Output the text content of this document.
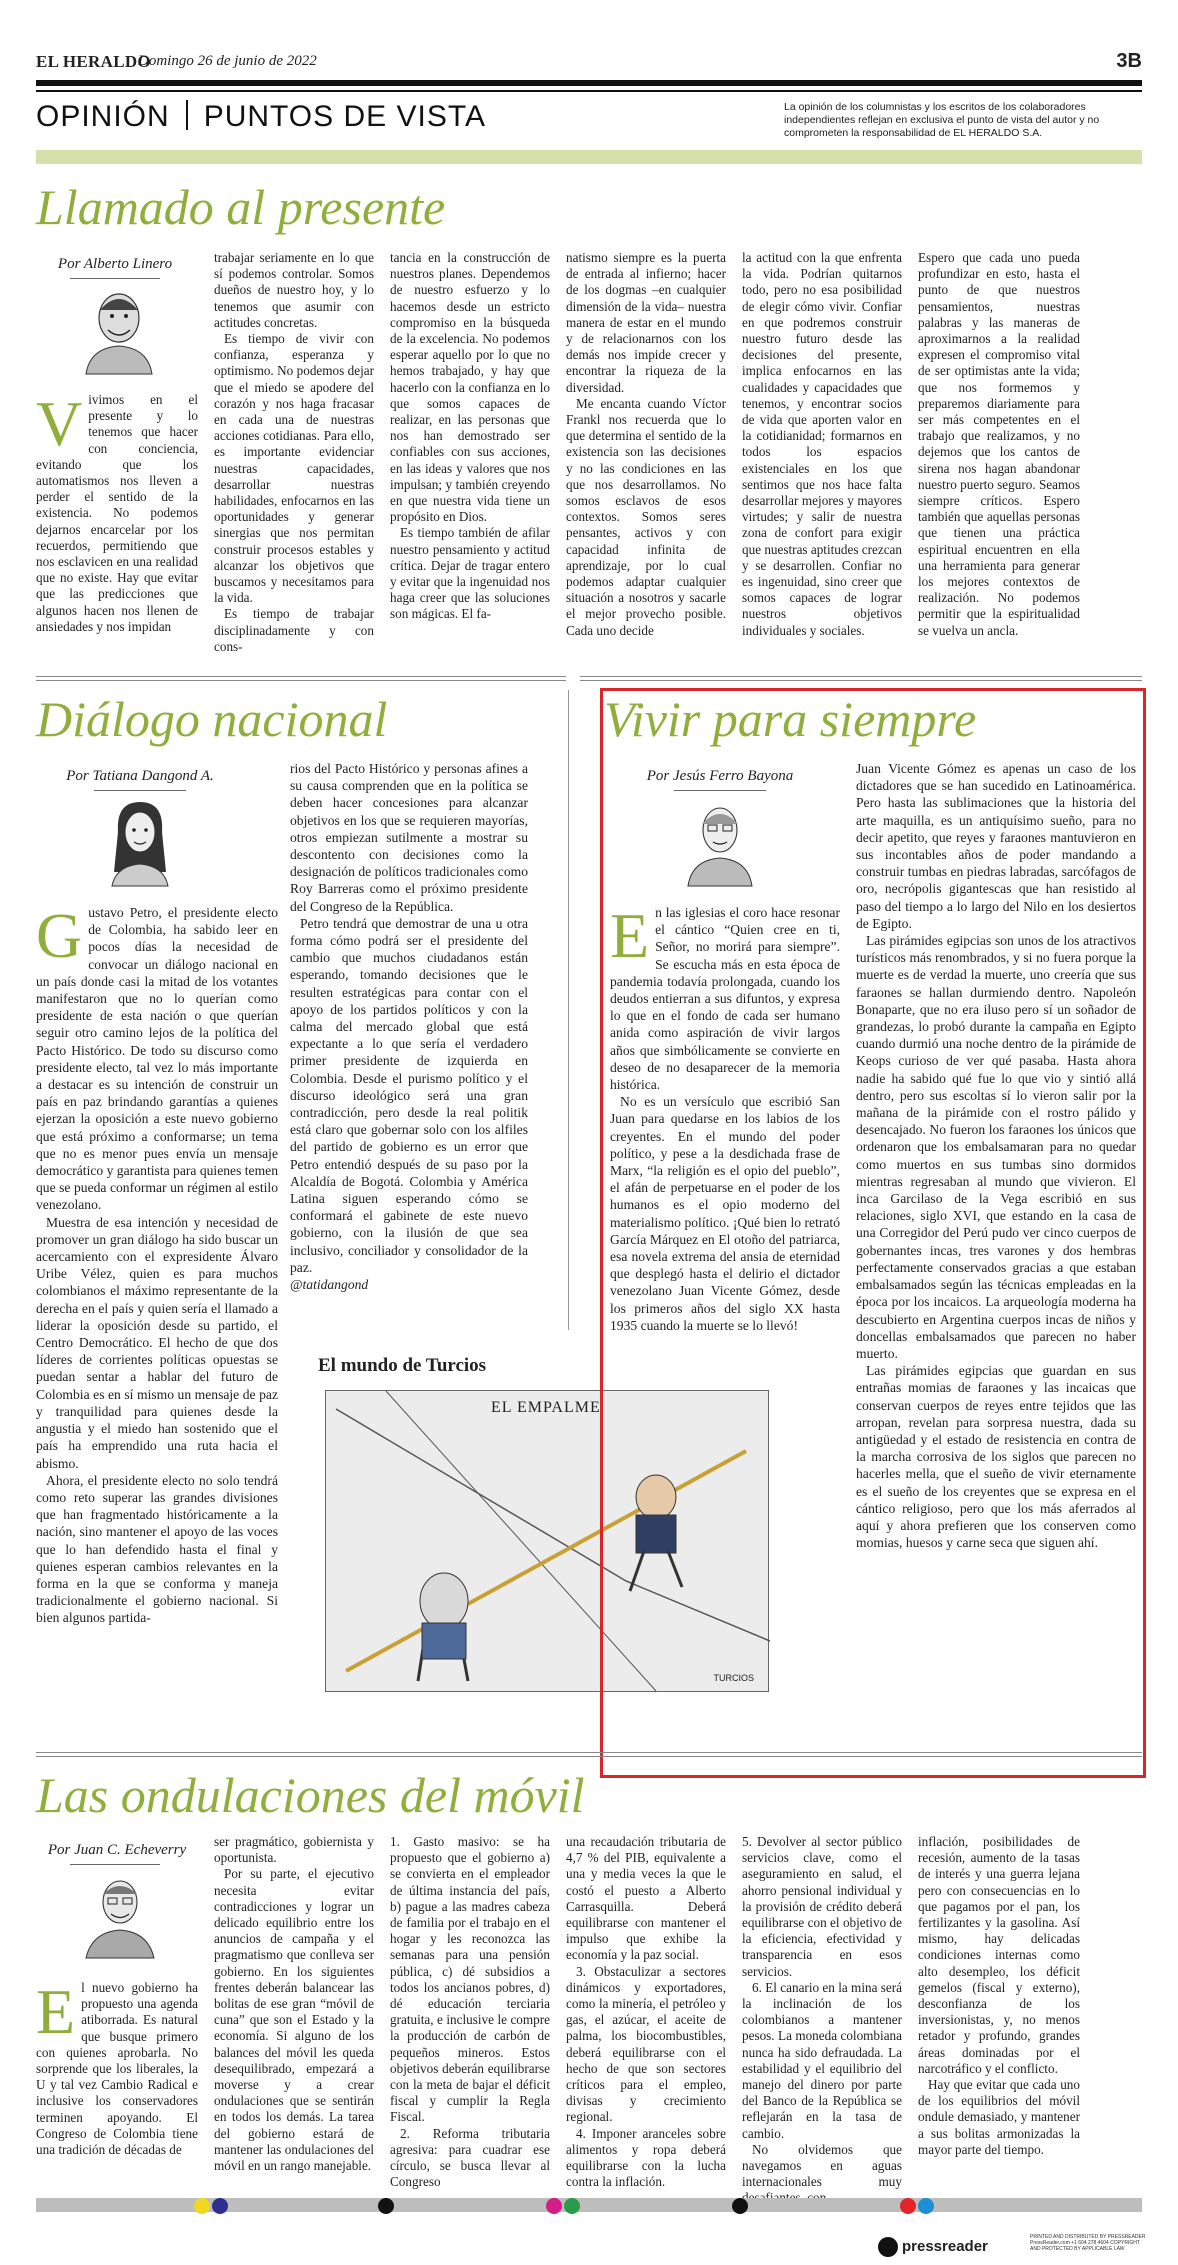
EL HERALDO
Domingo 26 de junio de 2022	3B
OPINIÓN PUNTOS DE VISTA	La opinión de los columnistas y los escritos de los colaboradores independientes reflejan en exclusiva el punto de vista del autor y no comprometen la responsabilidad de EL HERALDO S.A.
Llamado al presente
Por Alberto Linero
V ivimos en el presente y lo tenemos que hacer con conciencia, evitando que los automatismos nos lleven a perder el sentido de la existencia. No podemos dejarnos encarcelar por los recuerdos, permitiendo que nos esclavicen en una realidad que no existe. Hay que evitar que las predicciones que algunos hacen nos llenen de ansiedades y nos impidan

trabajar seriamente en lo que sí podemos controlar. Somos dueños de nuestro hoy, y lo tenemos que asumir con actitudes concretas.

Es tiempo de vivir con confianza, esperanza y optimismo. No podemos dejar que el miedo se apodere del corazón y nos haga fracasar en cada una de nuestras acciones cotidianas. Para ello, es importante evidenciar nuestras capacidades, desarrollar nuestras habilidades, enfocarnos en las oportunidades y generar sinergias que nos permitan construir procesos estables y alcanzar los objetivos que buscamos y necesitamos para la vida.

Es tiempo de trabajar disciplinadamente y con cons-

tancia en la construcción de nuestros planes. Dependemos de nuestro esfuerzo y lo hacemos desde un estricto compromiso en la búsqueda de la excelencia. No podemos esperar aquello por lo que no hemos trabajado, y hay que hacerlo con la confianza en lo que somos capaces de realizar, en las personas que nos han demostrado ser confiables con sus acciones, en las ideas y valores que nos impulsan; y también creyendo en que nuestra vida tiene un propósito en Dios.

Es tiempo también de afilar nuestro pensamiento y actitud crítica. Dejar de tragar entero y evitar que la ingenuidad nos haga creer que las soluciones son mágicas. El fa-

natismo siempre es la puerta de entrada al infierno; hacer de los dogmas –en cualquier dimensión de la vida– nuestra manera de estar en el mundo y de relacionarnos con los demás nos impide crecer y encontrar la riqueza de la diversidad.

Me encanta cuando Víctor Frankl nos recuerda que lo que determina el sentido de la existencia son las decisiones y no las condiciones en las que nos desarrollamos. No somos esclavos de esos contextos. Somos seres pensantes, activos y con capacidad infinita de aprendizaje, por lo cual podemos adaptar cualquier situación a nosotros y sacarle el mejor provecho posible. Cada uno decide

la actitud con la que enfrenta la vida. Podrían quitarnos todo, pero no esa posibilidad de elegir cómo vivir. Confiar en que podremos construir nuestro futuro desde las decisiones del presente, implica enfocarnos en las cualidades y capacidades que tenemos, y encontrar socios de vida que aporten valor en la cotidianidad; formarnos en todos los espacios existenciales en los que sentimos que nos hace falta desarrollar mejores y mayores virtudes; y salir de nuestra zona de confort para exigir que nuestras aptitudes crezcan y se desarrollen. Confiar no es ingenuidad, sino creer que somos capaces de lograr nuestros objetivos individuales y sociales.

Espero que cada uno pueda profundizar en esto, hasta el punto de que nuestros pensamientos, nuestras palabras y las maneras de aproximarnos a la realidad expresen el compromiso vital de ser optimistas ante la vida; que nos formemos y preparemos diariamente para ser más competentes en el trabajo que realizamos, y no dejemos que los cantos de sirena nos hagan abandonar nuestro puerto seguro. Seamos siempre críticos. Espero también que aquellas personas que tienen una práctica espiritual encuentren en ella una herramienta para generar los mejores contextos de realización. No podemos permitir que la espiritualidad se vuelva un ancla.

Diálogo nacional
Por Tatiana Dangond A.
G ustavo Petro, el presidente electo de Colombia, ha sabido leer en pocos días la necesidad de convocar un diálogo nacional en un país donde casi la mitad de los votantes manifestaron que no lo querían como presidente de esta nación o que querían seguir otro camino lejos de la política del Pacto Histórico. De todo su discurso como presidente electo, tal vez lo más importante a destacar es su intención de construir un país en paz brindando garantías a quienes ejerzan la oposición a este nuevo gobierno que está próximo a conformarse; un tema que no es menor pues envía un mensaje democrático y garantista para quienes temen que se pueda conformar un régimen al estilo venezolano.

Muestra de esa intención y necesidad de promover un gran diálogo ha sido buscar un acercamiento con el expresidente Álvaro Uribe Vélez, quien es para muchos colombianos el máximo representante de la derecha en el país y quien sería el llamado a liderar la oposición desde su partido, el Centro Democrático. El hecho de que dos líderes de corrientes políticas opuestas se puedan sentar a hablar del futuro de Colombia es en sí mismo un mensaje de paz y tranquilidad para quienes desde la angustia y el miedo han sostenido que el país ha emprendido una ruta hacia el abismo.

Ahora, el presidente electo no solo tendrá como reto superar las grandes divisiones que han fragmentado históricamente a la nación, sino mantener el apoyo de las voces que lo han defendido hasta el final y quienes esperan cambios relevantes en la forma en la que se conforma y maneja tradicionalmente el gobierno nacional. Si bien algunos partida-

rios del Pacto Histórico y personas afines a su causa comprenden que en la política se deben hacer concesiones para alcanzar objetivos en los que se requieren mayorías, otros empiezan sutilmente a mostrar su descontento con decisiones como la designación de políticos tradicionales como Roy Barreras como el próximo presidente del Congreso de la República.

Petro tendrá que demostrar de una u otra forma cómo podrá ser el presidente del cambio que muchos ciudadanos están esperando, tomando decisiones que le resulten estratégicas para contar con el apoyo de los partidos políticos y con la calma del mercado global que está expectante a lo que sería el verdadero primer presidente de izquierda en Colombia. Desde el purismo político y el discurso ideológico será una gran contradicción, pero desde la real politik está claro que gobernar solo con los alfiles del partido de gobierno es un error que Petro entendió después de su paso por la Alcaldía de Bogotá. Colombia y América Latina siguen esperando cómo se conformará el gabinete de este nuevo gobierno, con la ilusión de que sea inclusivo, conciliador y consolidador de la paz.

@tatidangond

El mundo de Turcios
EL EMPALME
TURCIOS
Vivir para siempre
Por Jesús Ferro Bayona
E n las iglesias el coro hace resonar el cántico “Quien cree en ti, Señor, no morirá para siempre”. Se escucha más en esta época de pandemia todavía prolongada, cuando los deudos entierran a sus difuntos, y expresa lo que en el fondo de cada ser humano anida como aspiración de vivir largos años que simbólicamente se convierte en deseo de no desaparecer de la memoria histórica.

No es un versículo que escribió San Juan para quedarse en los labios de los creyentes. En el mundo del poder político, y pese a la desdichada frase de Marx, “la religión es el opio del pueblo”, el afán de perpetuarse en el poder de los humanos es el opio moderno del materialismo político. ¡Qué bien lo retrató García Márquez en El otoño del patriarca, esa novela extrema del ansia de eternidad que desplegó hasta el delirio el dictador venezolano Juan Vicente Gómez, desde los primeros años del siglo XX hasta 1935 cuando la muerte se lo llevó!

Juan Vicente Gómez es apenas un caso de los dictadores que se han sucedido en Latinoamérica. Pero hasta las sublimaciones que la historia del arte maquilla, es un antiquísimo sueño, para no decir apetito, que reyes y faraones mantuvieron en sus incontables años de poder mandando a construir tumbas en piedras labradas, sarcófagos de oro, necrópolis gigantescas que han resistido al paso del tiempo a lo largo del Nilo en los desiertos de Egipto.

Las pirámides egipcias son unos de los atractivos turísticos más renombrados, y si no fuera porque la muerte es de verdad la muerte, uno creería que sus faraones se hallan durmiendo dentro. Napoleón Bonaparte, que no era iluso pero sí un soñador de grandezas, lo probó durante la campaña en Egipto cuando durmió una noche dentro de la pirámide de Keops curioso de ver qué pasaba. Hasta ahora nadie ha sabido qué fue lo que vio y sintió allá dentro, pero sus escoltas sí lo vieron salir por la mañana de la pirámide con el rostro pálido y desencajado. No fueron los faraones los únicos que ordenaron que los embalsamaran para no quedar como muertos en sus tumbas sino dormidos mientras regresaban al mundo que vivieron. El inca Garcilaso de la Vega escribió en sus relaciones, siglo XVI, que estando en la casa de una Corregidor del Perú pudo ver cinco cuerpos de gobernantes incas, tres varones y dos hembras perfectamente conservados gracias a que estaban embalsamados según las técnicas empleadas en la época por los incaicos. La arqueología moderna ha descubierto en Argentina cuerpos incas de niños y doncellas embalsamados que parecen no haber muerto.

Las pirámides egipcias que guardan en sus entrañas momias de faraones y las incaicas que conservan cuerpos de reyes entre tejidos que las arropan, revelan para sorpresa nuestra, dada su antigüedad y el estado de resistencia en contra de la marcha corrosiva de los siglos que parecen no hacerles mella, que el sueño de vivir eternamente es el sueño de los creyentes que se expresa en el cántico religioso, pero que los más aferrados al aquí y ahora prefieren que los conserven como momias, huesos y carne seca que siguen ahí.

Las ondulaciones del móvil
Por Juan C. Echeverry
E l nuevo gobierno ha propuesto una agenda atiborrada. Es natural que busque primero con quienes aprobarla. No sorprende que los liberales, la U y tal vez Cambio Radical e inclusive los conservadores terminen apoyando. El Congreso de Colombia tiene una tradición de décadas de

ser pragmático, gobiernista y oportunista.

Por su parte, el ejecutivo necesita evitar contradicciones y lograr un delicado equilibrio entre los anuncios de campaña y el pragmatismo que conlleva ser gobierno. En los siguientes frentes deberán balancear las bolitas de ese gran “móvil de cuna” que son el Estado y la economía. Si alguno de los balances del móvil les queda desequilibrado, empezará a moverse y a crear ondulaciones que se sentirán en todos los demás. La tarea del gobierno estará de mantener las ondulaciones del móvil en un rango manejable.

1. Gasto masivo: se ha propuesto que el gobierno a) se convierta en el empleador de última instancia del país, b) pague a las madres cabeza de familia por el trabajo en el hogar y les reconozca las semanas para una pensión pública, c) dé subsidios a todos los ancianos pobres, d) dé educación terciaria gratuita, e inclusive le compre la producción de carbón de pequeños mineros. Estos objetivos deberán equilibrarse con la meta de bajar el déficit fiscal y cumplir la Regla Fiscal.

2. Reforma tributaria agresiva: para cuadrar ese círculo, se busca llevar al Congreso

una recaudación tributaria de 4,7 % del PIB, equivalente a una y media veces la que le costó el puesto a Alberto Carrasquilla. Deberá equilibrarse con mantener el impulso que exhibe la economía y la paz social.

3. Obstaculizar a sectores dinámicos y exportadores, como la minería, el petróleo y gas, el azúcar, el aceite de palma, los biocombustibles, deberá equilibrarse con el hecho de que son sectores críticos para el empleo, divisas y crecimiento regional.

4. Imponer aranceles sobre alimentos y ropa deberá equilibrarse con la lucha contra la inflación.

5. Devolver al sector público servicios clave, como el aseguramiento en salud, el ahorro pensional individual y la provisión de crédito deberá equilibrarse con el objetivo de la eficiencia, efectividad y transparencia en esos servicios.

6. El canario en la mina será la inclinación de los colombianos a mantener pesos. La moneda colombiana nunca ha sido defraudada. La estabilidad y el equilibrio del manejo del dinero por parte del Banco de la República se reflejarán en la tasa de cambio.

No olvidemos que navegamos en aguas internacionales muy

inflación, posibilidades de recesión, aumento de la tasas de interés y una guerra lejana pero con consecuencias en lo que pagamos por el pan, los fertilizantes y la gasolina. Así mismo, hay delicadas condiciones internas como alto desempleo, los déficit gemelos (fiscal y externo), desconfianza de los inversionistas, y, no menos retador y profundo, grandes áreas dominadas por el narcotráfico y el conflicto.

Hay que evitar que cada uno de los equilibrios del móvil ondule demasiado, y mantener a sus bolitas armonizadas la mayor parte del tiempo.

pressreader
PRINTED AND DISTRIBUTED BY PRESSREADER PressReader.com +1 604 278 4604 COPYRIGHT AND PROTECTED BY APPLICABLE LAW
